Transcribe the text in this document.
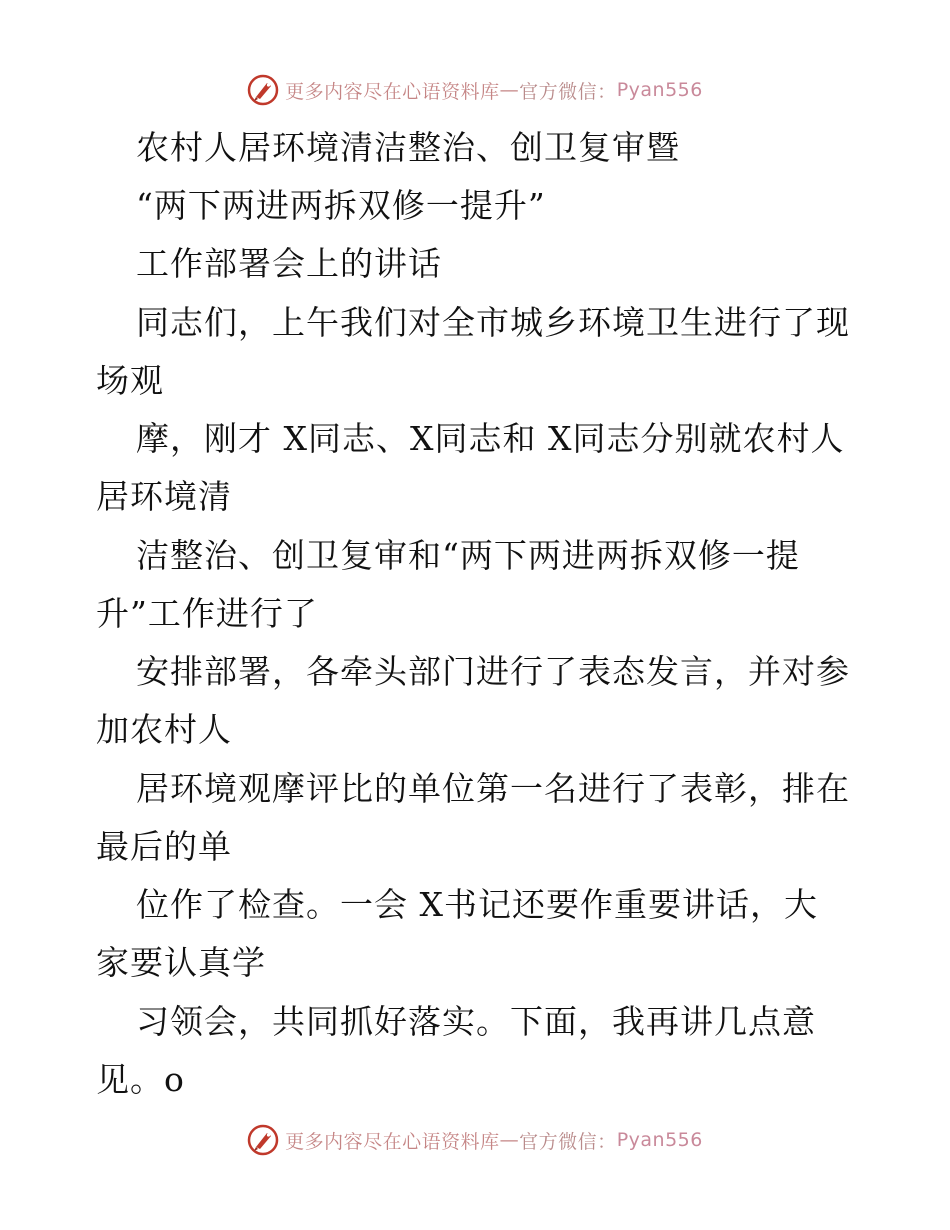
更多内容尽在心语资料库 — 官方微信： Pyan556
农村人居环境清洁整治、创卫复审暨
“两下两进两拆双修一提升”
工作部署会上的讲话
同志们，上午我们对全市城乡环境卫生进行了现
场观
摩，刚才 X同志、X同志和 X同志分别就农村人
居环境清
洁整治、创卫复审和“两下两进两拆双修一提
升”工作进行了
安排部署，各牵头部门进行了表态发言，并对参
加农村人
居环境观摩评比的单位第一名进行了表彰，排在
最后的单
位作了检查。一会 X书记还要作重要讲话，大
家要认真学
习领会，共同抓好落实。下面，我再讲几点意
见。o
更多内容尽在心语资料库 — 官方微信： Pyan556
